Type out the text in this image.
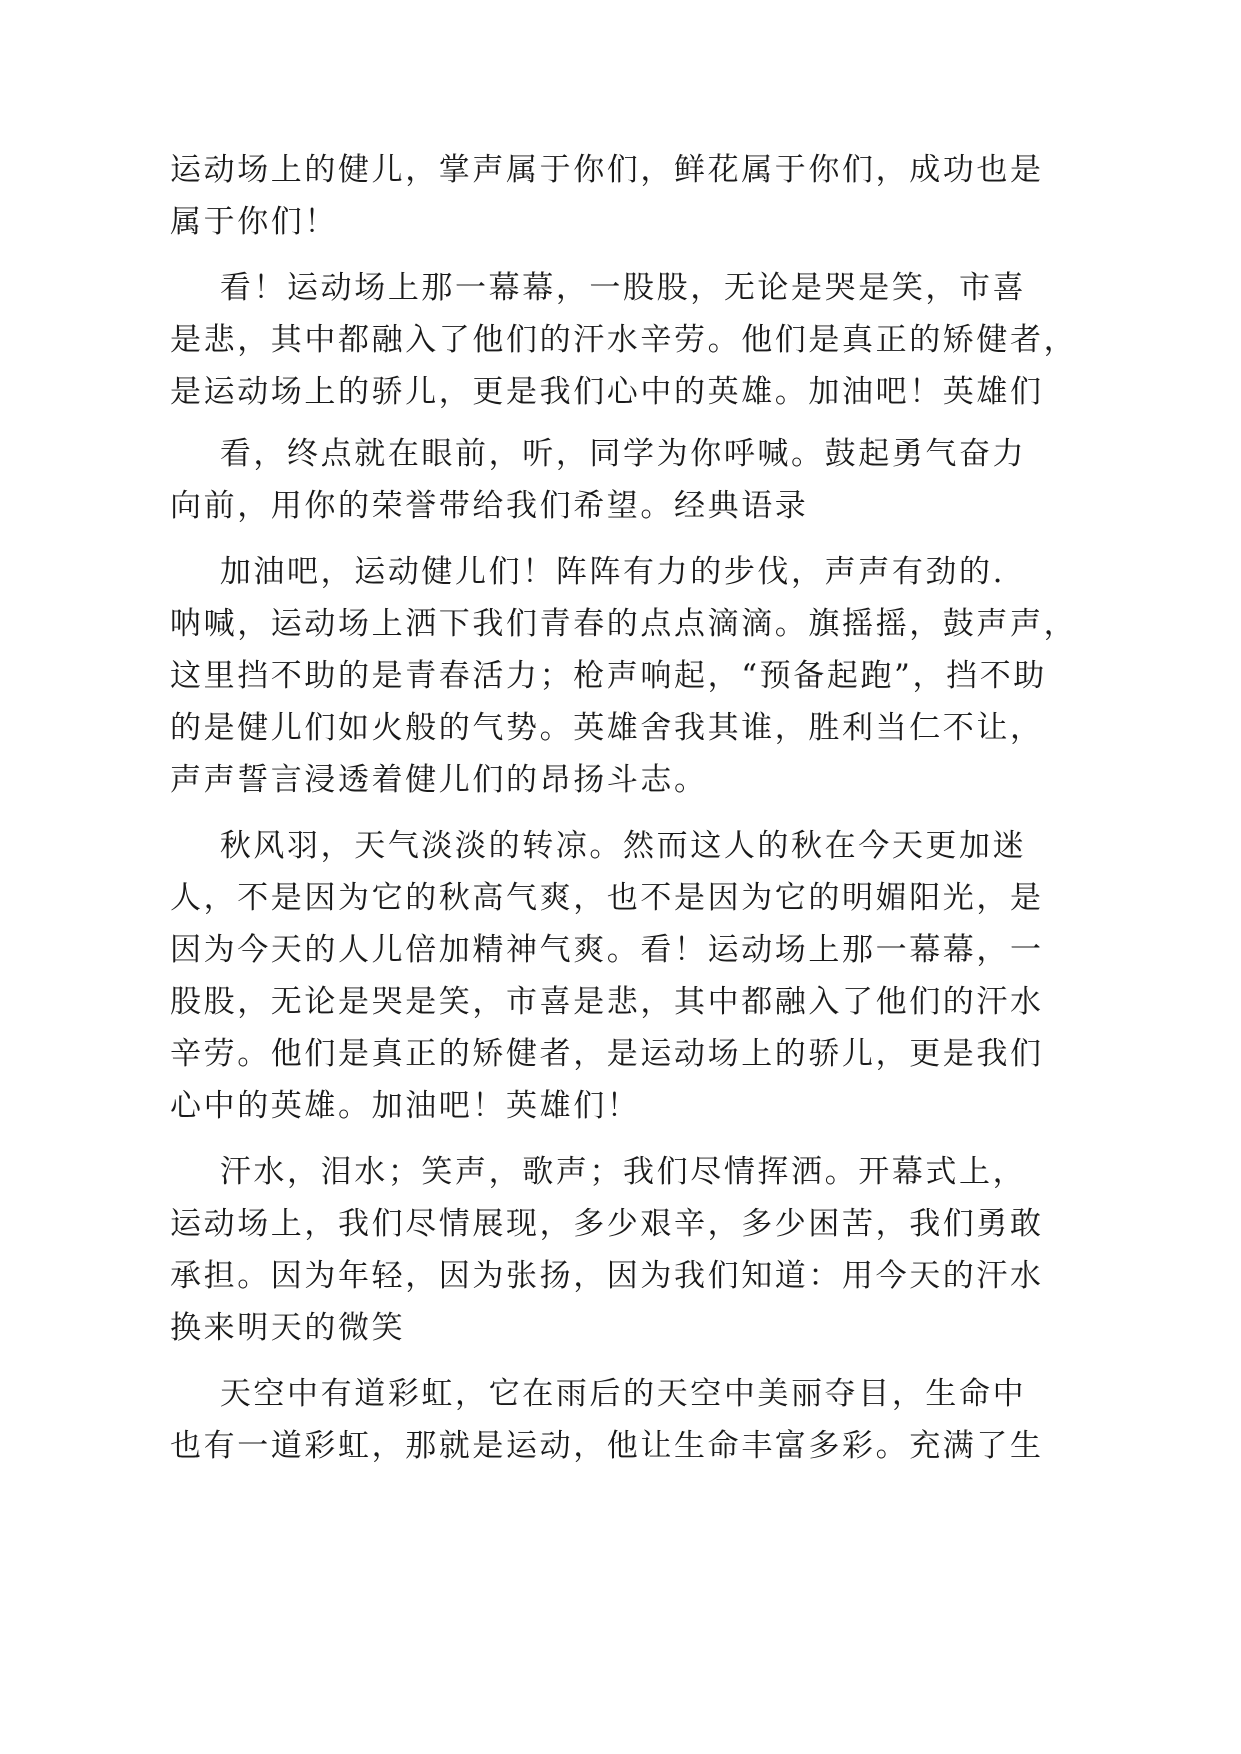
运动场上的健儿，掌声属于你们，鲜花属于你们，成功也是
属于你们！
看！运动场上那一幕幕，一股股，无论是哭是笑，市喜
是悲，其中都融入了他们的汗水辛劳。他们是真正的矫健者，
是运动场上的骄儿，更是我们心中的英雄。加油吧！英雄们
看，终点就在眼前，听，同学为你呼喊。鼓起勇气奋力
向前，用你的荣誉带给我们希望。经典语录
加油吧，运动健儿们！阵阵有力的步伐，声声有劲的.
呐喊，运动场上洒下我们青春的点点滴滴。旗摇摇，鼓声声，
这里挡不助的是青春活力；枪声响起，“预备起跑”，挡不助
的是健儿们如火般的气势。英雄舍我其谁，胜利当仁不让，
声声誓言浸透着健儿们的昂扬斗志。
秋风羽，天气淡淡的转凉。然而这人的秋在今天更加迷
人，不是因为它的秋高气爽，也不是因为它的明媚阳光，是
因为今天的人儿倍加精神气爽。看！运动场上那一幕幕，一
股股，无论是哭是笑，市喜是悲，其中都融入了他们的汗水
辛劳。他们是真正的矫健者，是运动场上的骄儿，更是我们
心中的英雄。加油吧！英雄们！
汗水，泪水；笑声，歌声；我们尽情挥洒。开幕式上，
运动场上，我们尽情展现，多少艰辛，多少困苦，我们勇敢
承担。因为年轻，因为张扬，因为我们知道：用今天的汗水
换来明天的微笑
天空中有道彩虹，它在雨后的天空中美丽夺目，生命中
也有一道彩虹，那就是运动，他让生命丰富多彩。充满了生
